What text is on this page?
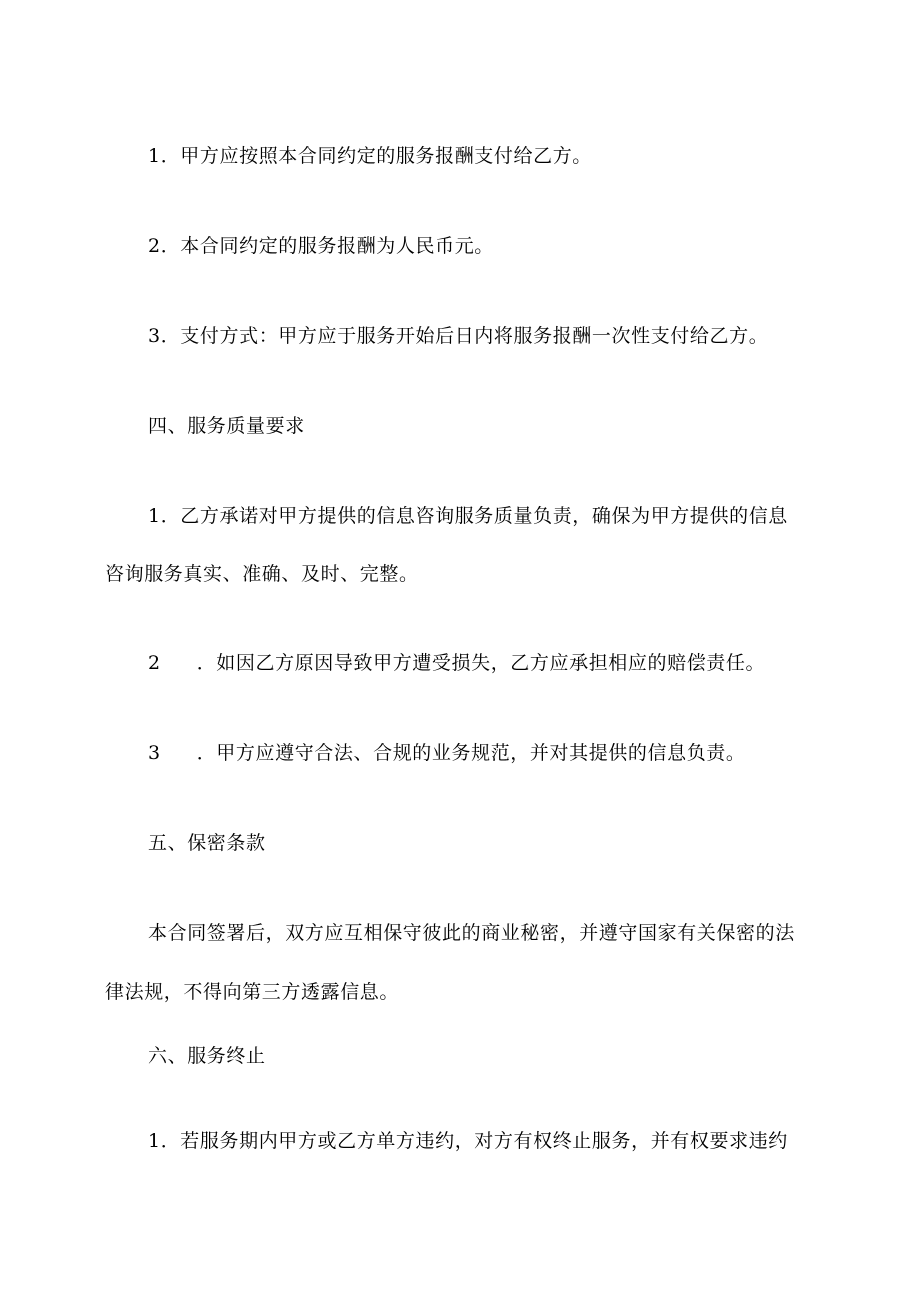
1．甲方应按照本合同约定的服务报酬支付给乙方。
2．本合同约定的服务报酬为人民币元。
3．支付方式：甲方应于服务开始后日内将服务报酬一次性支付给乙方。
四、服务质量要求
1．乙方承诺对甲方提供的信息咨询服务质量负责，确保为甲方提供的信息
咨询服务真实、准确、及时、完整。
2 ．如因乙方原因导致甲方遭受损失，乙方应承担相应的赔偿责任。
3 ．甲方应遵守合法、合规的业务规范，并对其提供的信息负责。
五、保密条款
本合同签署后，双方应互相保守彼此的商业秘密，并遵守国家有关保密的法
律法规，不得向第三方透露信息。
六、服务终止
1．若服务期内甲方或乙方单方违约，对方有权终止服务，并有权要求违约
